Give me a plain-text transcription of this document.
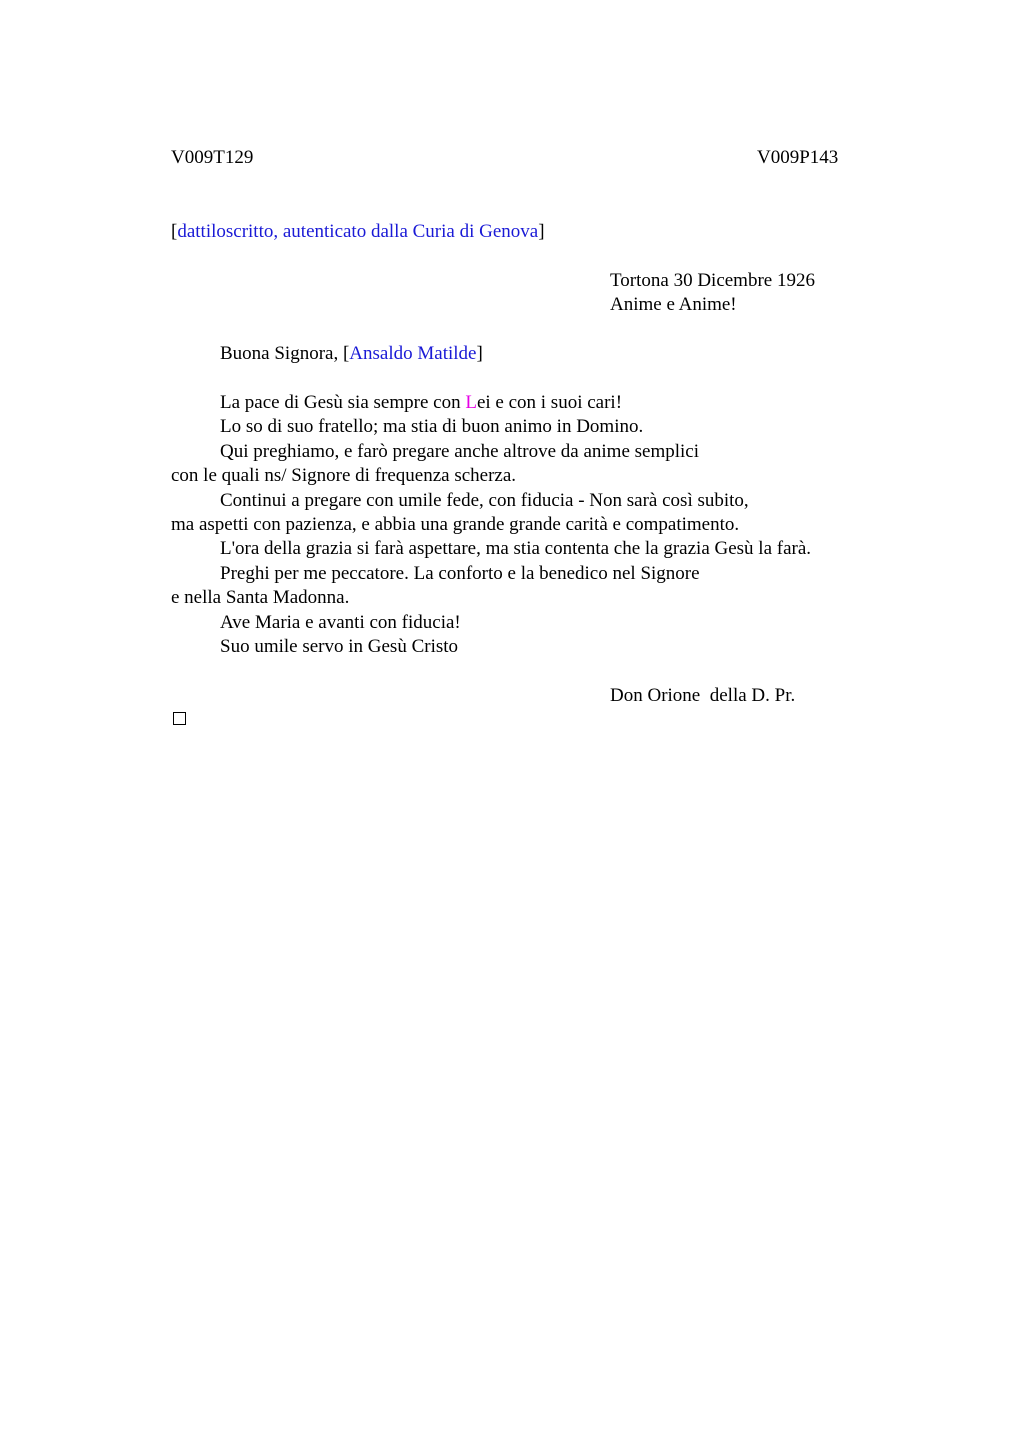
V009T129	V009P143
[dattiloscritto, autenticato dalla Curia di Genova]
Tortona 30 Dicembre 1926
Anime e Anime!
Buona Signora, [Ansaldo Matilde]
La pace di Gesù sia sempre con Lei e con i suoi cari!
Lo so di suo fratello; ma stia di buon animo in Domino.
Qui preghiamo, e farò pregare anche altrove da anime semplici
con le quali ns/ Signore di frequenza scherza.
Continui a pregare con umile fede, con fiducia - Non sarà così subito,
ma aspetti con pazienza, e abbia una grande grande carità e compatimento.
L'ora della grazia si farà aspettare, ma stia contenta che la grazia Gesù la farà.
Preghi per me peccatore. La conforto e la benedico nel Signore
e nella Santa Madonna.
Ave Maria e avanti con fiducia!
Suo umile servo in Gesù Cristo
Don Orione  della D. Pr.
